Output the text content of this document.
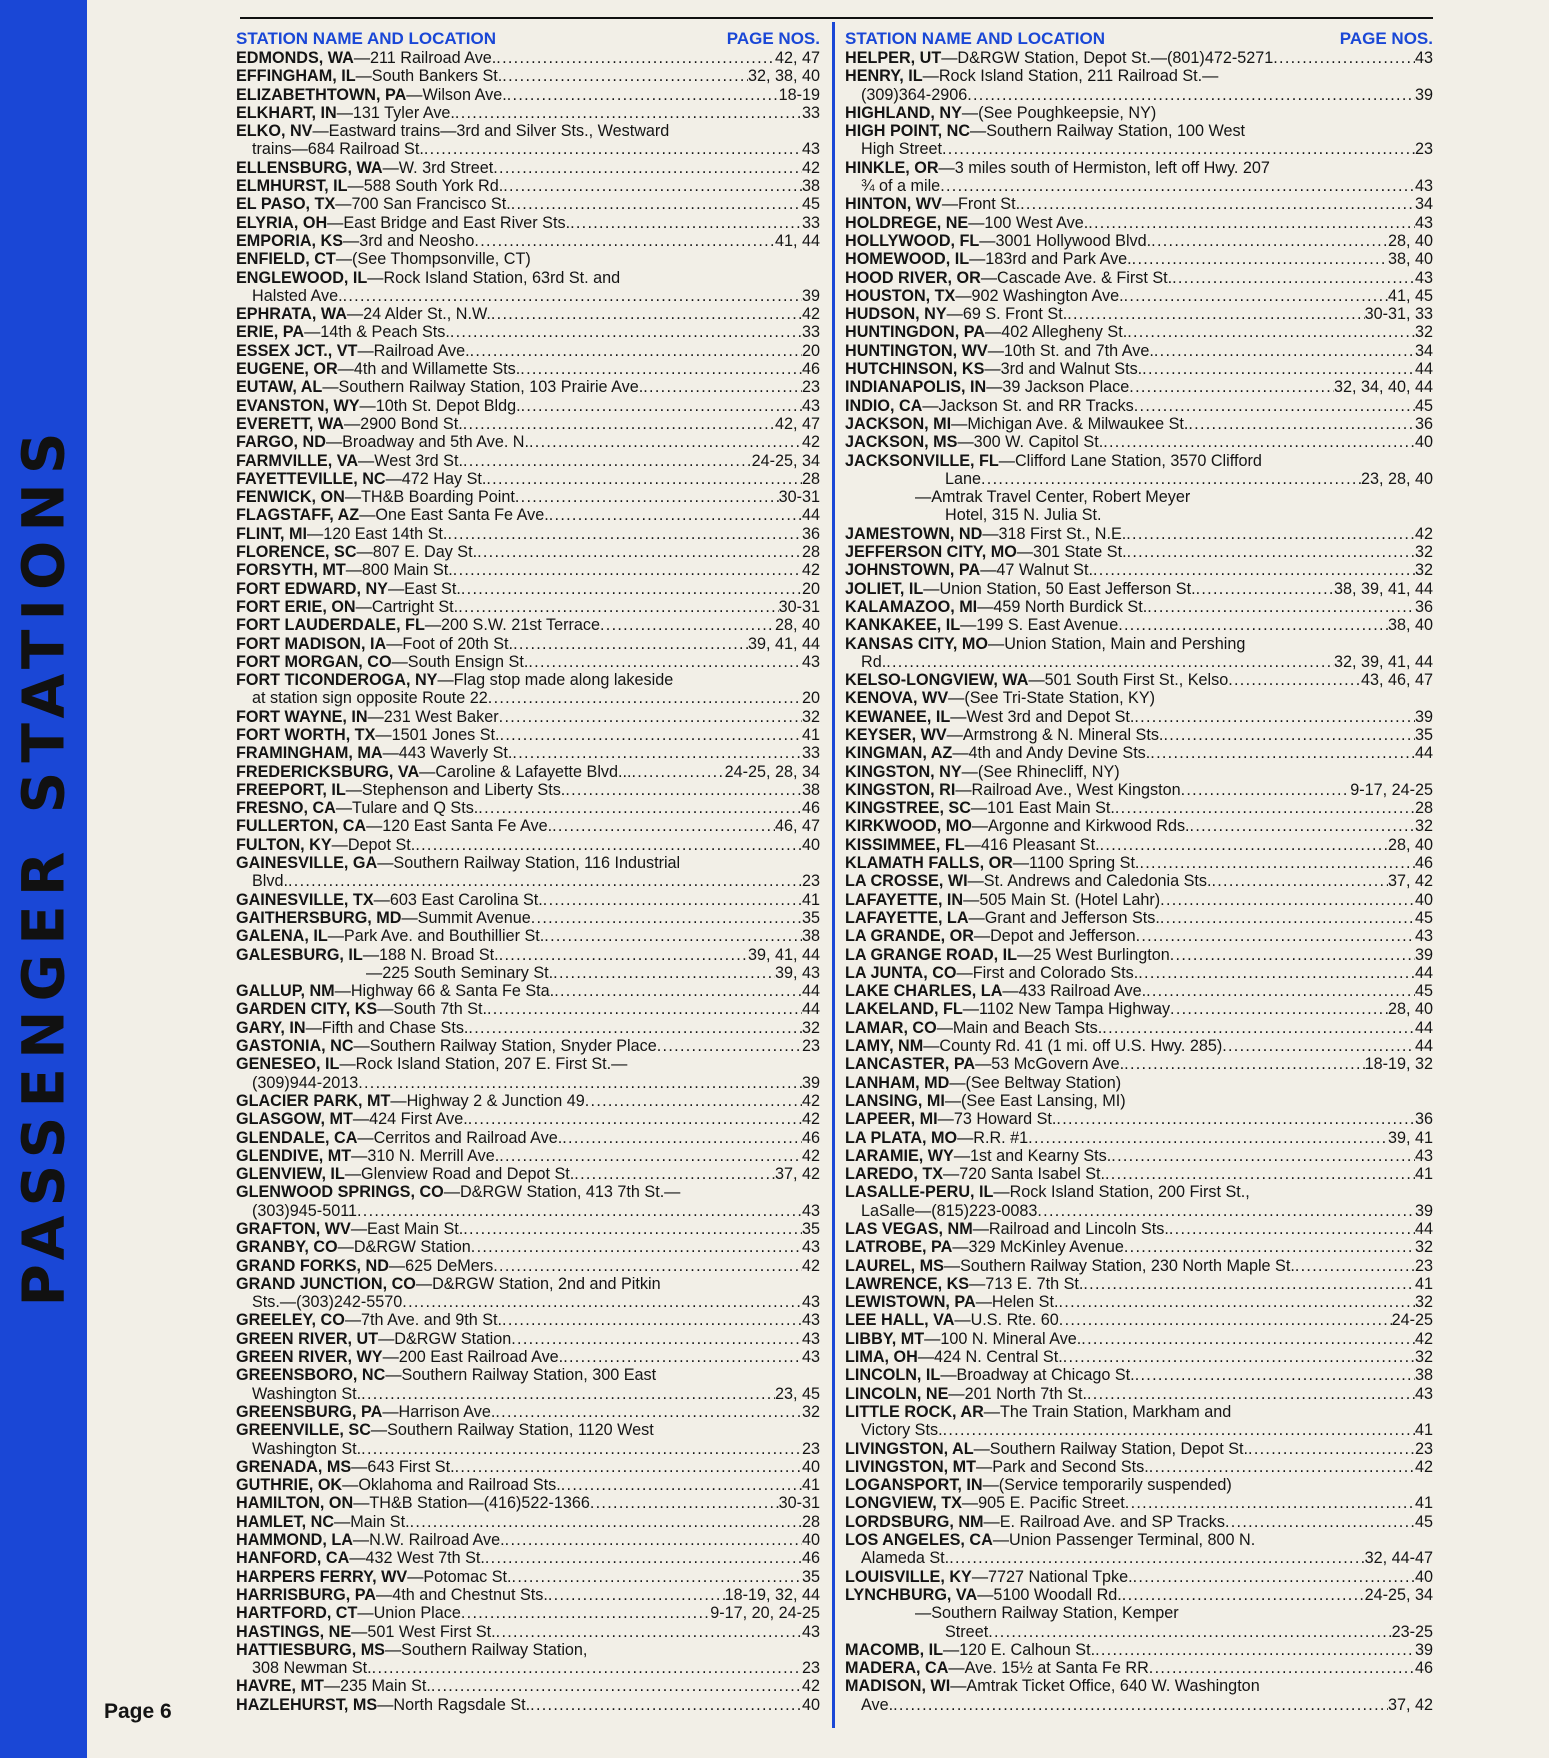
PASSENGER STATIONS
STATION NAME AND LOCATION	PAGE NOS.
EDMONDS, WA—211 Railroad Ave. . . .	42, 47
EFFINGHAM, IL—South Bankers St. . . .	32, 38, 40
ELIZABETHTOWN, PA—Wilson Ave. . . .	18-19
ELKHART, IN—131 Tyler Ave. . . .	33
ELKO, NV—Eastward trains—3rd and Silver Sts., Westward
trains—684 Railroad St. . . .	43
ELLENSBURG, WA—W. 3rd Street . . .	42
ELMHURST, IL—588 South York Rd. . . .	38
EL PASO, TX—700 San Francisco St. . . .	45
ELYRIA, OH—East Bridge and East River Sts. . . .	33
EMPORIA, KS—3rd and Neosho . . .	41, 44
ENFIELD, CT—(See Thompsonville, CT)
ENGLEWOOD, IL—Rock Island Station, 63rd St. and
Halsted Ave. . . .	39
EPHRATA, WA—24 Alder St., N.W. . . .	42
ERIE, PA—14th & Peach Sts. . . .	33
ESSEX JCT., VT—Railroad Ave. . . .	20
EUGENE, OR—4th and Willamette Sts. . . .	46
EUTAW, AL—Southern Railway Station, 103 Prairie Ave. . . .	23
EVANSTON, WY—10th St. Depot Bldg. . . .	43
EVERETT, WA—2900 Bond St. . . .	42, 47
FARGO, ND—Broadway and 5th Ave. N. . . .	42
FARMVILLE, VA—West 3rd St. . . .	24-25, 34
FAYETTEVILLE, NC—472 Hay St. . . .	28
FENWICK, ON—TH&B Boarding Point . . .	30-31
FLAGSTAFF, AZ—One East Santa Fe Ave. . . .	44
FLINT, MI—120 East 14th St. . . .	36
FLORENCE, SC—807 E. Day St. . . .	28
FORSYTH, MT—800 Main St. . . .	42
FORT EDWARD, NY—East St. . . .	20
FORT ERIE, ON—Cartright St. . . .	30-31
FORT LAUDERDALE, FL—200 S.W. 21st Terrace . . .	28, 40
FORT MADISON, IA—Foot of 20th St. . . .	39, 41, 44
FORT MORGAN, CO—South Ensign St. . . .	43
FORT TICONDEROGA, NY—Flag stop made along lakeside
at station sign opposite Route 22 . . .	20
FORT WAYNE, IN—231 West Baker . . .	32
FORT WORTH, TX—1501 Jones St. . . .	41
FRAMINGHAM, MA—443 Waverly St. . . .	33
FREDERICKSBURG, VA—Caroline & Lafayette Blvd... . . .	24-25, 28, 34
FREEPORT, IL—Stephenson and Liberty Sts. . . .	38
FRESNO, CA—Tulare and Q Sts. . . .	46
FULLERTON, CA—120 East Santa Fe Ave. . . .	46, 47
FULTON, KY—Depot St. . . .	40
GAINESVILLE, GA—Southern Railway Station, 116 Industrial
Blvd. . . .	23
GAINESVILLE, TX—603 East Carolina St. . . .	41
GAITHERSBURG, MD—Summit Avenue . . .	35
GALENA, IL—Park Ave. and Bouthillier St. . . .	38
GALESBURG, IL—188 N. Broad St. . . .	39, 41, 44
—225 South Seminary St. . . .	39, 43
GALLUP, NM—Highway 66 & Santa Fe Sta. . . .	44
GARDEN CITY, KS—South 7th St. . . .	44
GARY, IN—Fifth and Chase Sts. . . .	32
GASTONIA, NC—Southern Railway Station, Snyder Place . . .	23
GENESEO, IL—Rock Island Station, 207 E. First St.—
(309)944-2013 . . .	39
GLACIER PARK, MT—Highway 2 & Junction 49 . . .	42
GLASGOW, MT—424 First Ave. . . .	42
GLENDALE, CA—Cerritos and Railroad Ave. . . .	46
GLENDIVE, MT—310 N. Merrill Ave. . . .	42
GLENVIEW, IL—Glenview Road and Depot St. . . .	37, 42
GLENWOOD SPRINGS, CO—D&RGW Station, 413 7th St.—
(303)945-5011 . . .	43
GRAFTON, WV—East Main St. . . .	35
GRANBY, CO—D&RGW Station . . .	43
GRAND FORKS, ND—625 DeMers . . .	42
GRAND JUNCTION, CO—D&RGW Station, 2nd and Pitkin
Sts.—(303)242-5570 . . .	43
GREELEY, CO—7th Ave. and 9th St. . . .	43
GREEN RIVER, UT—D&RGW Station . . .	43
GREEN RIVER, WY—200 East Railroad Ave. . . .	43
GREENSBORO, NC—Southern Railway Station, 300 East
Washington St. . . .	23, 45
GREENSBURG, PA—Harrison Ave. . . .	32
GREENVILLE, SC—Southern Railway Station, 1120 West
Washington St. . . .	23
GRENADA, MS—643 First St. . . .	40
GUTHRIE, OK—Oklahoma and Railroad Sts. . . .	41
HAMILTON, ON—TH&B Station—(416)522-1366 . . .	30-31
HAMLET, NC—Main St. . . .	28
HAMMOND, LA—N.W. Railroad Ave. . . .	40
HANFORD, CA—432 West 7th St. . . .	46
HARPERS FERRY, WV—Potomac St. . . .	35
HARRISBURG, PA—4th and Chestnut Sts. . . .	18-19, 32, 44
HARTFORD, CT—Union Place . . .	9-17, 20, 24-25
HASTINGS, NE—501 West First St. . . .	43
HATTIESBURG, MS—Southern Railway Station,
308 Newman St. . . .	23
HAVRE, MT—235 Main St. . . .	42
HAZLEHURST, MS—North Ragsdale St. . . .	40
STATION NAME AND LOCATION	PAGE NOS.
HELPER, UT—D&RGW Station, Depot St.—(801)472-5271 . . .	43
HENRY, IL—Rock Island Station, 211 Railroad St.—
(309)364-2906 . . .	39
HIGHLAND, NY—(See Poughkeepsie, NY)
HIGH POINT, NC—Southern Railway Station, 100 West
High Street . . .	23
HINKLE, OR—3 miles south of Hermiston, left off Hwy. 207
¾ of a mile . . .	43
HINTON, WV—Front St. . . .	34
HOLDREGE, NE—100 West Ave. . . .	43
HOLLYWOOD, FL—3001 Hollywood Blvd. . . .	28, 40
HOMEWOOD, IL—183rd and Park Ave. . . .	38, 40
HOOD RIVER, OR—Cascade Ave. & First St. . . .	43
HOUSTON, TX—902 Washington Ave. . . .	41, 45
HUDSON, NY—69 S. Front St. . . .	30-31, 33
HUNTINGDON, PA—402 Allegheny St. . . .	32
HUNTINGTON, WV—10th St. and 7th Ave. . . .	34
HUTCHINSON, KS—3rd and Walnut Sts. . . .	44
INDIANAPOLIS, IN—39 Jackson Place . . .	32, 34, 40, 44
INDIO, CA—Jackson St. and RR Tracks . . .	45
JACKSON, MI—Michigan Ave. & Milwaukee St. . . .	36
JACKSON, MS—300 W. Capitol St. . . .	40
JACKSONVILLE, FL—Clifford Lane Station, 3570 Clifford
Lane . . .	23, 28, 40
—Amtrak Travel Center, Robert Meyer
Hotel, 315 N. Julia St.
JAMESTOWN, ND—318 First St., N.E. . . .	42
JEFFERSON CITY, MO—301 State St. . . .	32
JOHNSTOWN, PA—47 Walnut St. . . .	32
JOLIET, IL—Union Station, 50 East Jefferson St. . . .	38, 39, 41, 44
KALAMAZOO, MI—459 North Burdick St. . . .	36
KANKAKEE, IL—199 S. East Avenue . . .	38, 40
KANSAS CITY, MO—Union Station, Main and Pershing
Rd. . . .	32, 39, 41, 44
KELSO-LONGVIEW, WA—501 South First St., Kelso . . .	43, 46, 47
KENOVA, WV—(See Tri-State Station, KY)
KEWANEE, IL—West 3rd and Depot St. . . .	39
KEYSER, WV—Armstrong & N. Mineral Sts. . . .	35
KINGMAN, AZ—4th and Andy Devine Sts. . . .	44
KINGSTON, NY—(See Rhinecliff, NY)
KINGSTON, RI—Railroad Ave., West Kingston . . .	9-17, 24-25
KINGSTREE, SC—101 East Main St. . . .	28
KIRKWOOD, MO—Argonne and Kirkwood Rds. . . .	32
KISSIMMEE, FL—416 Pleasant St. . . .	28, 40
KLAMATH FALLS, OR—1100 Spring St. . . .	46
LA CROSSE, WI—St. Andrews and Caledonia Sts. . . .	37, 42
LAFAYETTE, IN—505 Main St. (Hotel Lahr) . . .	40
LAFAYETTE, LA—Grant and Jefferson Sts. . . .	45
LA GRANDE, OR—Depot and Jefferson . . .	43
LA GRANGE ROAD, IL—25 West Burlington . . .	39
LA JUNTA, CO—First and Colorado Sts. . . .	44
LAKE CHARLES, LA—433 Railroad Ave. . . .	45
LAKELAND, FL—1102 New Tampa Highway . . .	28, 40
LAMAR, CO—Main and Beach Sts. . . .	44
LAMY, NM—County Rd. 41 (1 mi. off U.S. Hwy. 285) . . .	44
LANCASTER, PA—53 McGovern Ave. . . .	18-19, 32
LANHAM, MD—(See Beltway Station)
LANSING, MI—(See East Lansing, MI)
LAPEER, MI—73 Howard St. . . .	36
LA PLATA, MO—R.R. #1 . . .	39, 41
LARAMIE, WY—1st and Kearny Sts. . . .	43
LAREDO, TX—720 Santa Isabel St. . . .	41
LASALLE-PERU, IL—Rock Island Station, 200 First St.,
LaSalle—(815)223-0083 . . .	39
LAS VEGAS, NM—Railroad and Lincoln Sts. . . .	44
LATROBE, PA—329 McKinley Avenue . . .	32
LAUREL, MS—Southern Railway Station, 230 North Maple St. . . .	23
LAWRENCE, KS—713 E. 7th St. . . .	41
LEWISTOWN, PA—Helen St. . . .	32
LEE HALL, VA—U.S. Rte. 60 . . .	24-25
LIBBY, MT—100 N. Mineral Ave. . . .	42
LIMA, OH—424 N. Central St. . . .	32
LINCOLN, IL—Broadway at Chicago St. . . .	38
LINCOLN, NE—201 North 7th St. . . .	43
LITTLE ROCK, AR—The Train Station, Markham and
Victory Sts. . . .	41
LIVINGSTON, AL—Southern Railway Station, Depot St. . . .	23
LIVINGSTON, MT—Park and Second Sts. . . .	42
LOGANSPORT, IN—(Service temporarily suspended)
LONGVIEW, TX—905 E. Pacific Street . . .	41
LORDSBURG, NM—E. Railroad Ave. and SP Tracks . . .	45
LOS ANGELES, CA—Union Passenger Terminal, 800 N.
Alameda St. . . .	32, 44-47
LOUISVILLE, KY—7727 National Tpke. . . .	40
LYNCHBURG, VA—5100 Woodall Rd. . . .	24-25, 34
—Southern Railway Station, Kemper
Street . . .	23-25
MACOMB, IL—120 E. Calhoun St. . . .	39
MADERA, CA—Ave. 15½ at Santa Fe RR . . .	46
MADISON, WI—Amtrak Ticket Office, 640 W. Washington
Ave. . . .	37, 42
Page 6
